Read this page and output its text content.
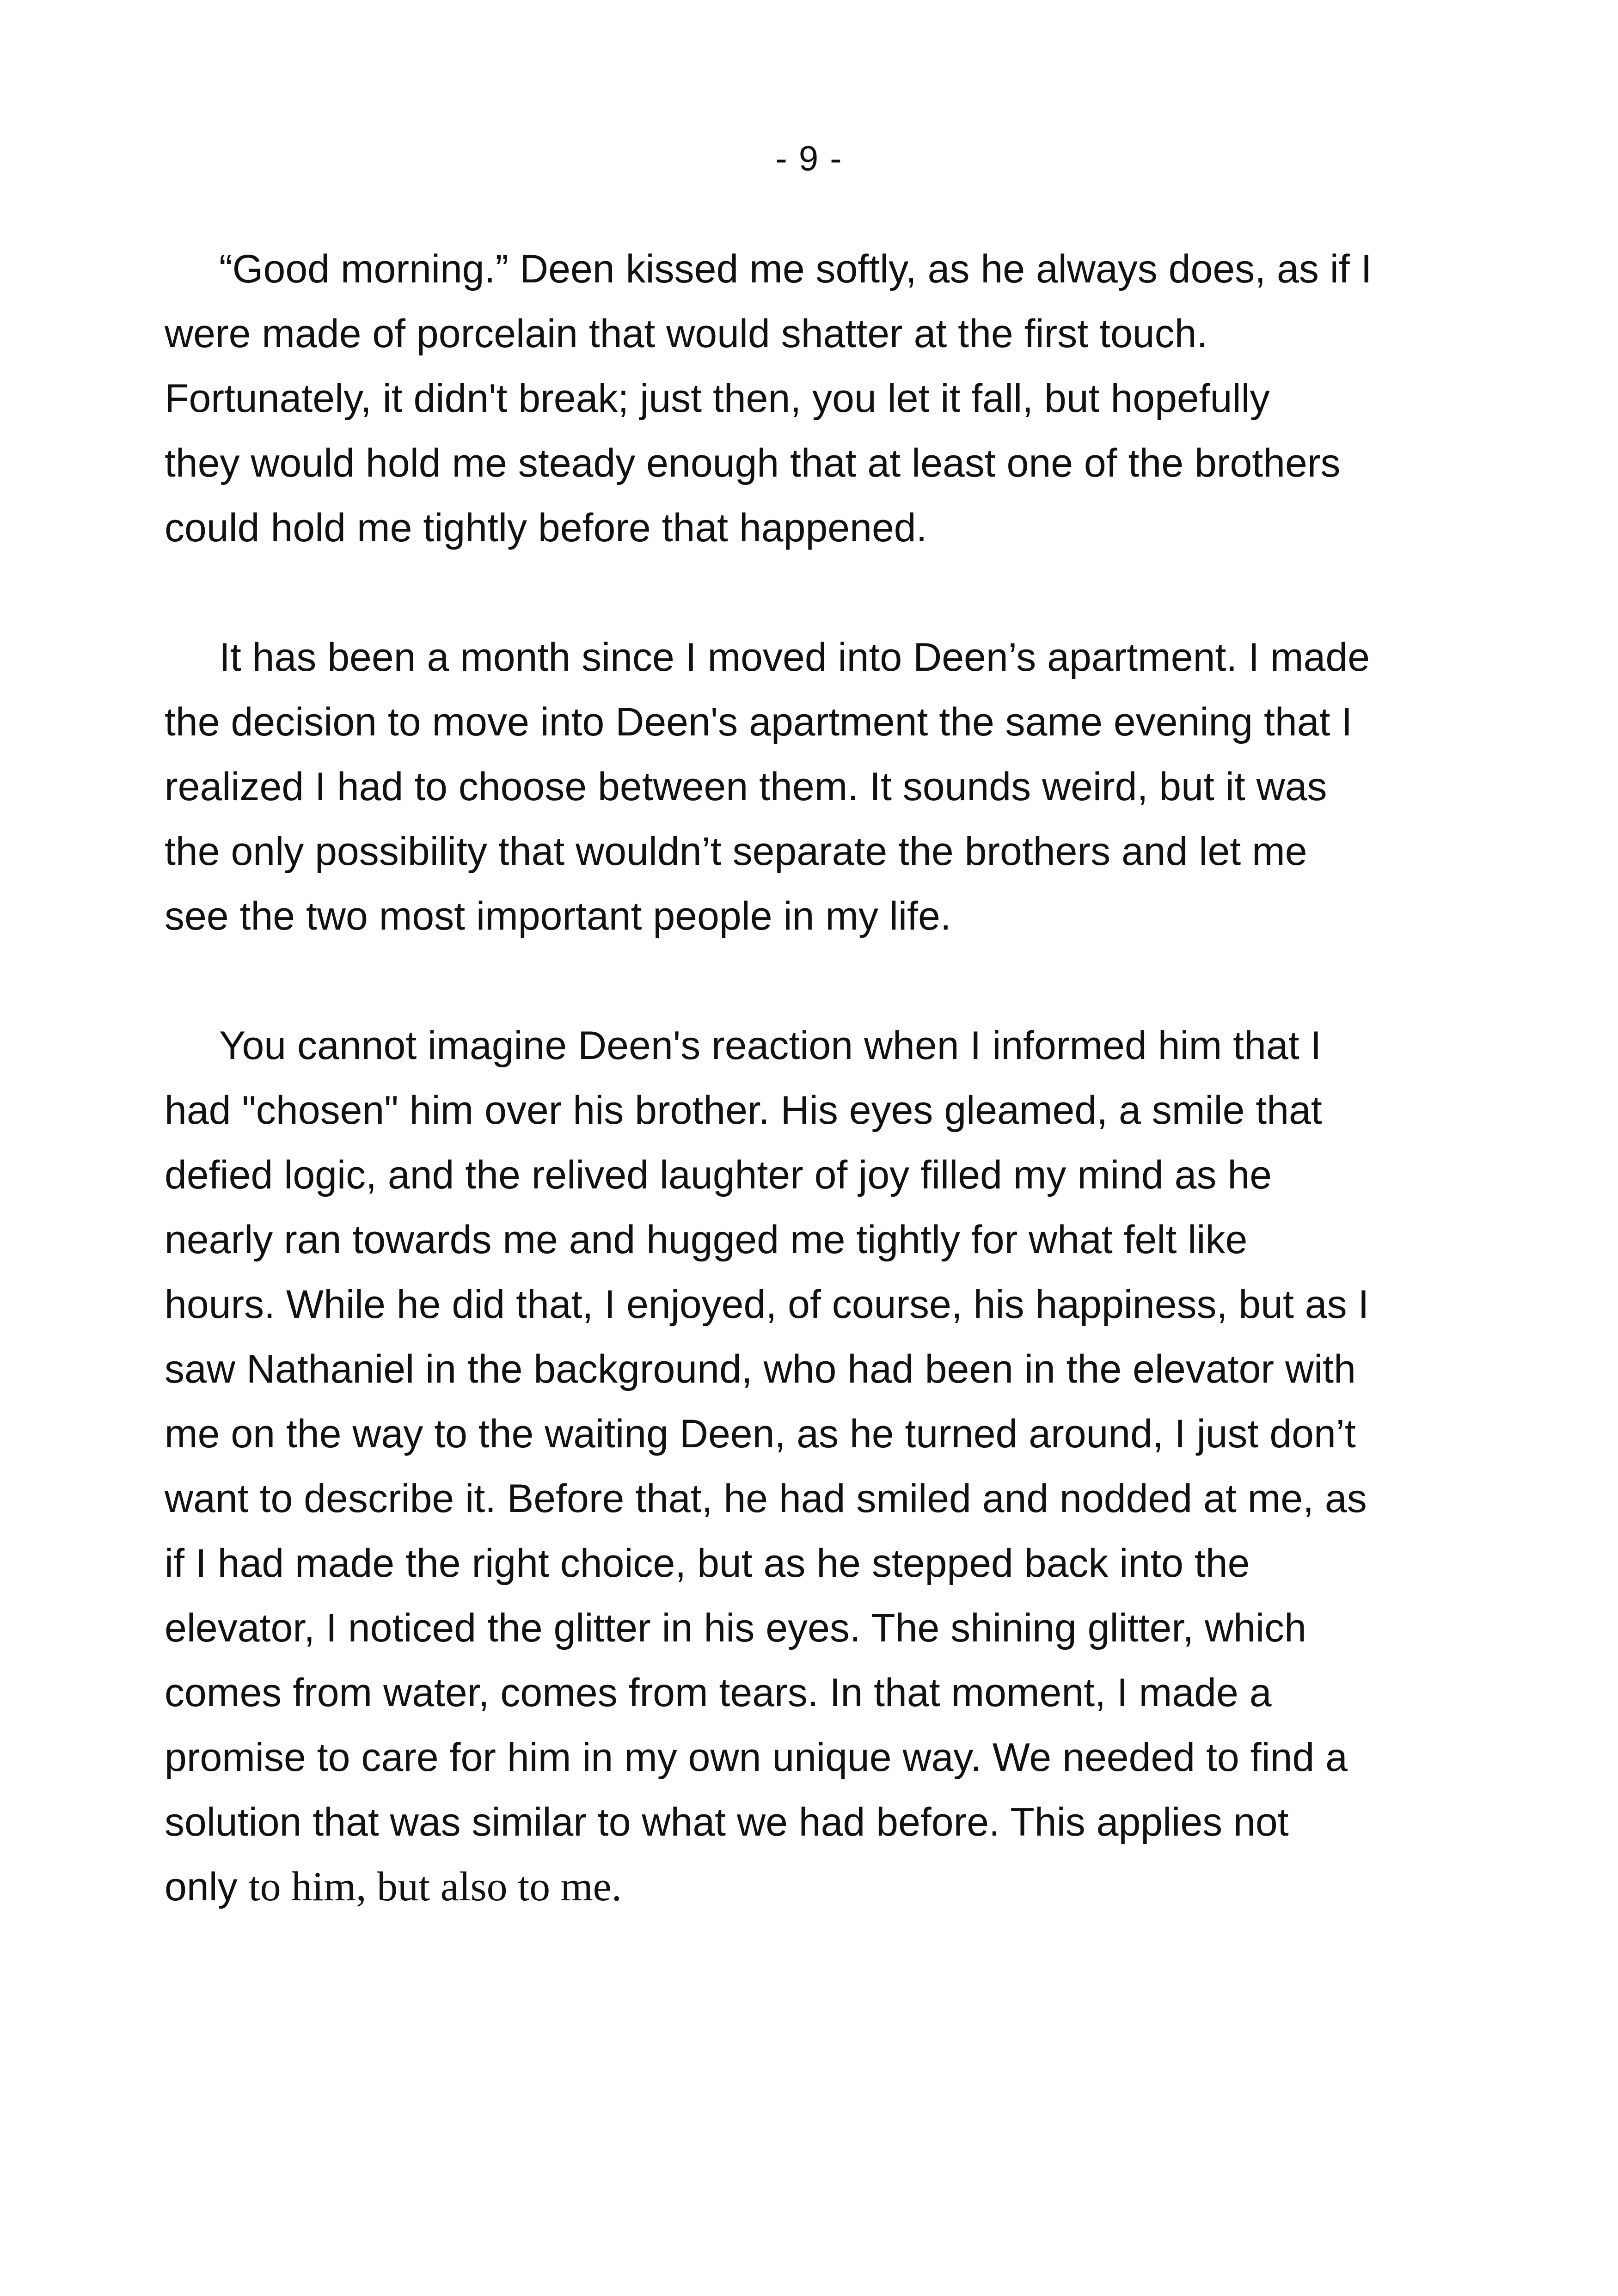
- 9 -
“Good morning.” Deen kissed me softly, as he always does, as if I
were made of porcelain that would shatter at the first touch.
Fortunately, it didn't break; just then, you let it fall, but hopefully
they would hold me steady enough that at least one of the brothers
could hold me tightly before that happened.
It has been a month since I moved into Deen’s apartment. I made
the decision to move into Deen's apartment the same evening that I
realized I had to choose between them. It sounds weird, but it was
the only possibility that wouldn’t separate the brothers and let me
see the two most important people in my life.
You cannot imagine Deen's reaction when I informed him that I
had "chosen" him over his brother. His eyes gleamed, a smile that
defied logic, and the relived laughter of joy filled my mind as he
nearly ran towards me and hugged me tightly for what felt like
hours. While he did that, I enjoyed, of course, his happiness, but as I
saw Nathaniel in the background, who had been in the elevator with
me on the way to the waiting Deen, as he turned around, I just don’t
want to describe it. Before that, he had smiled and nodded at me, as
if I had made the right choice, but as he stepped back into the
elevator, I noticed the glitter in his eyes. The shining glitter, which
comes from water, comes from tears. In that moment, I made a
promise to care for him in my own unique way. We needed to find a
solution that was similar to what we had before. This applies not
only to him, but also to me.
